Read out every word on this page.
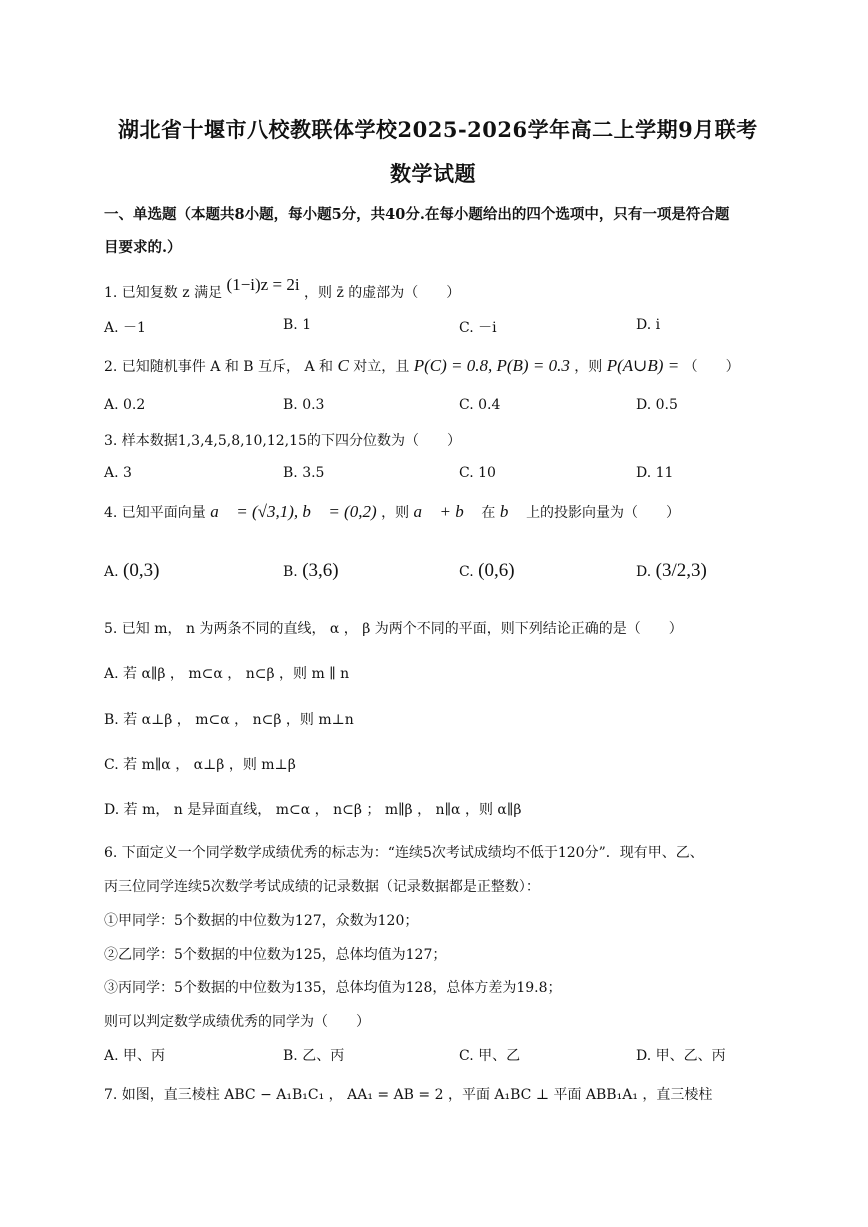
湖北省十堰市八校教联体学校2025-2026学年高二上学期9月联考
数学试题
一、单选题（本题共8小题，每小题5分，共40分.在每小题给出的四个选项中，只有一项是符合题
目要求的.）
1. 已知复数 z 满足 (1−i)z = 2i ，则 z̄ 的虚部为（　　）
A. －1	B. 1	C. －i	D. i
2. 已知随机事件 A 和 B 互斥， A 和 C 对立，且 P(C) = 0.8, P(B) = 0.3 ，则 P(A∪B) = （　　）
A. 0.2	B. 0.3	C. 0.4	D. 0.5
3. 样本数据1,3,4,5,8,10,12,15的下四分位数为（　　）
A. 3	B. 3.5	C. 10	D. 11
4. 已知平面向量 a⃗ = (√3,1), b⃗ = (0,2) ，则 a⃗ + b⃗ 在 b⃗ 上的投影向量为（　　）
A. (0,3)	B. (3,6)	C. (0,6)	D. (3/2,3)
5. 已知 m， n 为两条不同的直线， α ， β 为两个不同的平面，则下列结论正确的是（　　）
A. 若 α∥β ， m⊂α ， n⊂β ，则 m ∥ n
B. 若 α⊥β ， m⊂α ， n⊂β ，则 m⊥n
C. 若 m∥α ， α⊥β ，则 m⊥β
D. 若 m， n 是异面直线， m⊂α ， n⊂β ； m∥β ， n∥α ，则 α∥β
6. 下面定义一个同学数学成绩优秀的标志为：“连续5次考试成绩均不低于120分”．现有甲、乙、
丙三位同学连续5次数学考试成绩的记录数据（记录数据都是正整数）：
①甲同学：5个数据的中位数为127，众数为120；
②乙同学：5个数据的中位数为125，总体均值为127；
③丙同学：5个数据的中位数为135，总体均值为128，总体方差为19.8；
则可以判定数学成绩优秀的同学为（　　）
A. 甲、丙	B. 乙、丙	C. 甲、乙	D. 甲、乙、丙
7. 如图，直三棱柱 ABC − A₁B₁C₁ ， AA₁ = AB = 2 ，平面 A₁BC ⊥ 平面 ABB₁A₁ ，直三棱柱
